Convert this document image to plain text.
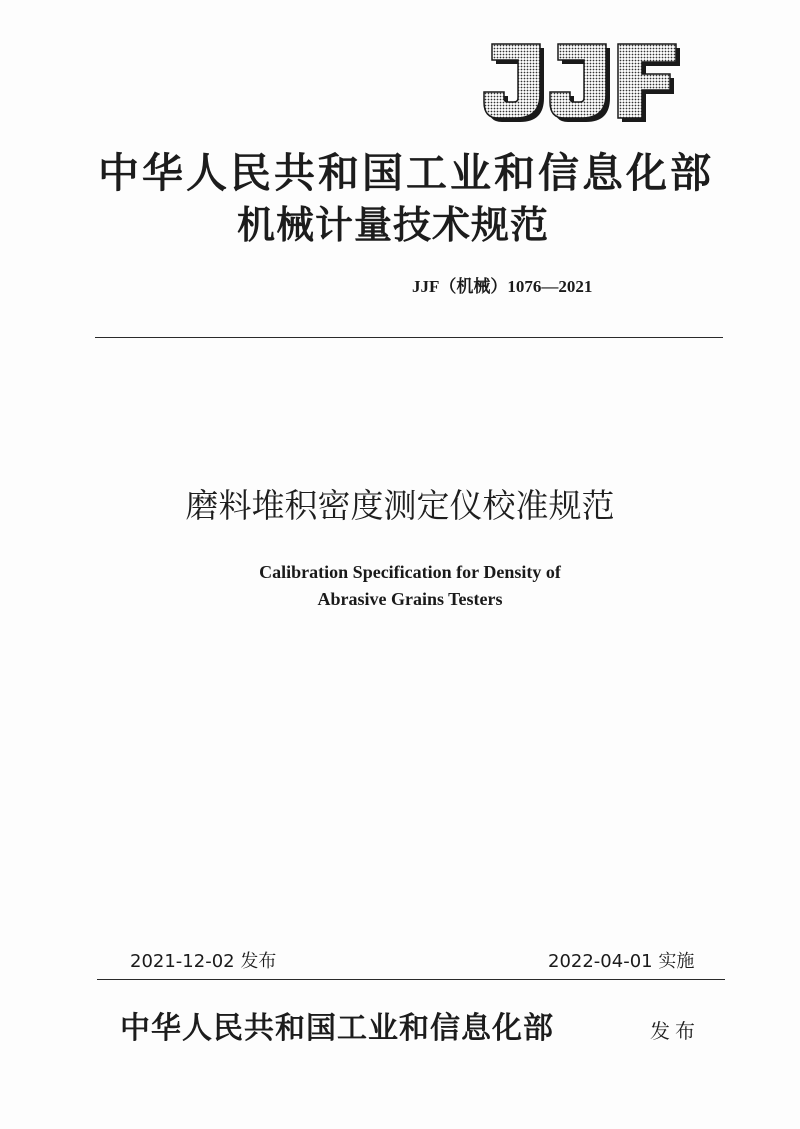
中华人民共和国工业和信息化部
机械计量技术规范
JJF（机械）1076—2021
磨料堆积密度测定仪校准规范
Calibration Specification for Density of
Abrasive Grains Testers
2021-12-02 发布	2022-04-01 实施
中华人民共和国工业和信息化部	发布
